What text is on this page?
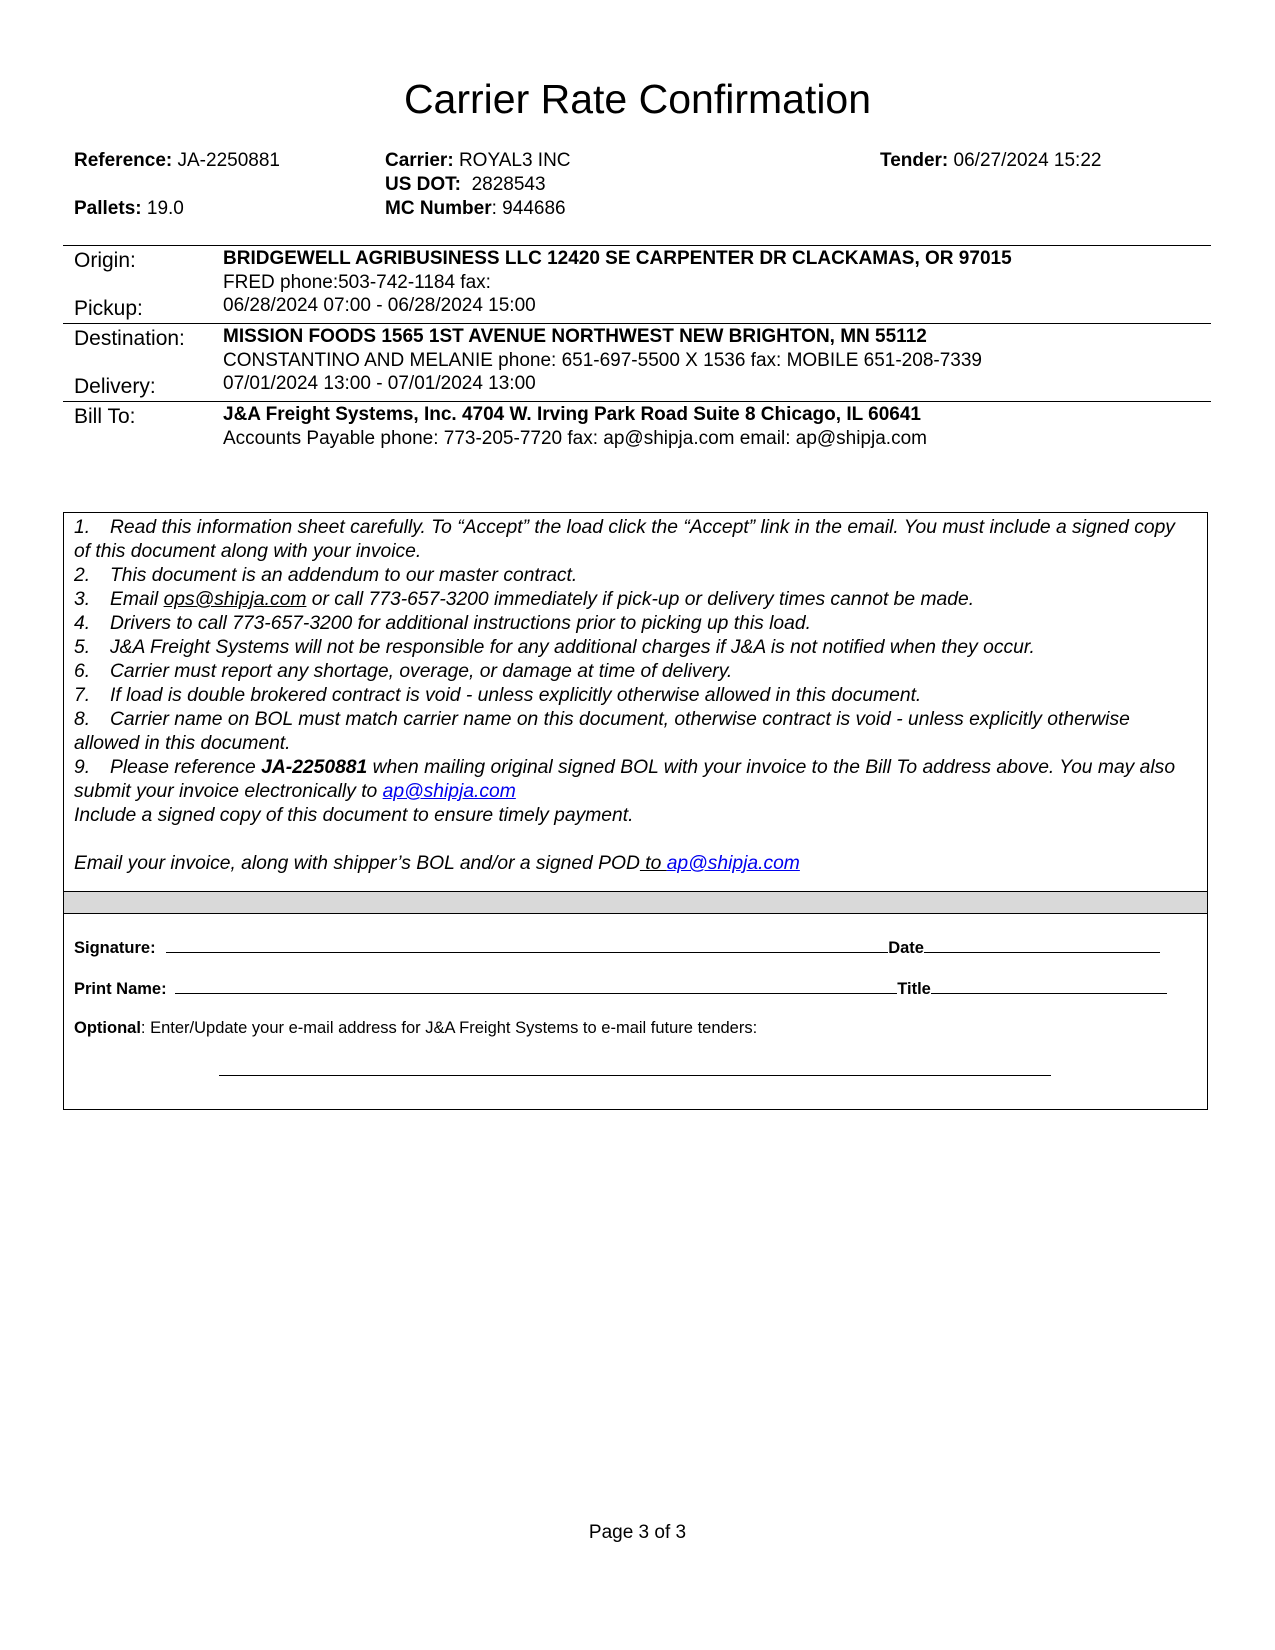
Carrier Rate Confirmation
Reference: JA-2250881
Pallets: 19.0
Carrier: ROYAL3 INC
US DOT: 2828543
MC Number: 944686
Tender: 06/27/2024 15:22
Origin:	BRIDGEWELL AGRIBUSINESS LLC 12420 SE CARPENTER DR CLACKAMAS, OR 97015
FRED phone:503-742-1184 fax:
Pickup:	06/28/2024 07:00 - 06/28/2024 15:00
Destination: MISSION FOODS 1565 1ST AVENUE NORTHWEST NEW BRIGHTON, MN 55112
CONSTANTINO AND MELANIE phone: 651-697-5500 X 1536 fax: MOBILE 651-208-7339
Delivery:	07/01/2024 13:00 - 07/01/2024 13:00
Bill To:	J&A Freight Systems, Inc. 4704 W. Irving Park Road Suite 8 Chicago, IL 60641
Accounts Payable phone: 773-205-7720 fax: ap@shipja.com email: ap@shipja.com
1. Read this information sheet carefully. To “Accept” the load click the “Accept” link in the email. You must include a signed copy of this document along with your invoice.
2. This document is an addendum to our master contract.
3. Email ops@shipja.com or call 773-657-3200 immediately if pick-up or delivery times cannot be made.
4. Drivers to call 773-657-3200 for additional instructions prior to picking up this load.
5. J&A Freight Systems will not be responsible for any additional charges if J&A is not notified when they occur.
6. Carrier must report any shortage, overage, or damage at time of delivery.
7. If load is double brokered contract is void - unless explicitly otherwise allowed in this document.
8. Carrier name on BOL must match carrier name on this document, otherwise contract is void - unless explicitly otherwise allowed in this document.
9. Please reference JA-2250881 when mailing original signed BOL with your invoice to the Bill To address above. You may also submit your invoice electronically to ap@shipja.com
Include a signed copy of this document to ensure timely payment.
Email your invoice, along with shipper’s BOL and/or a signed POD to ap@shipja.com
Signature:	Date
Print Name:	Title
Optional: Enter/Update your e-mail address for J&A Freight Systems to e-mail future tenders:
Page 3 of 3
